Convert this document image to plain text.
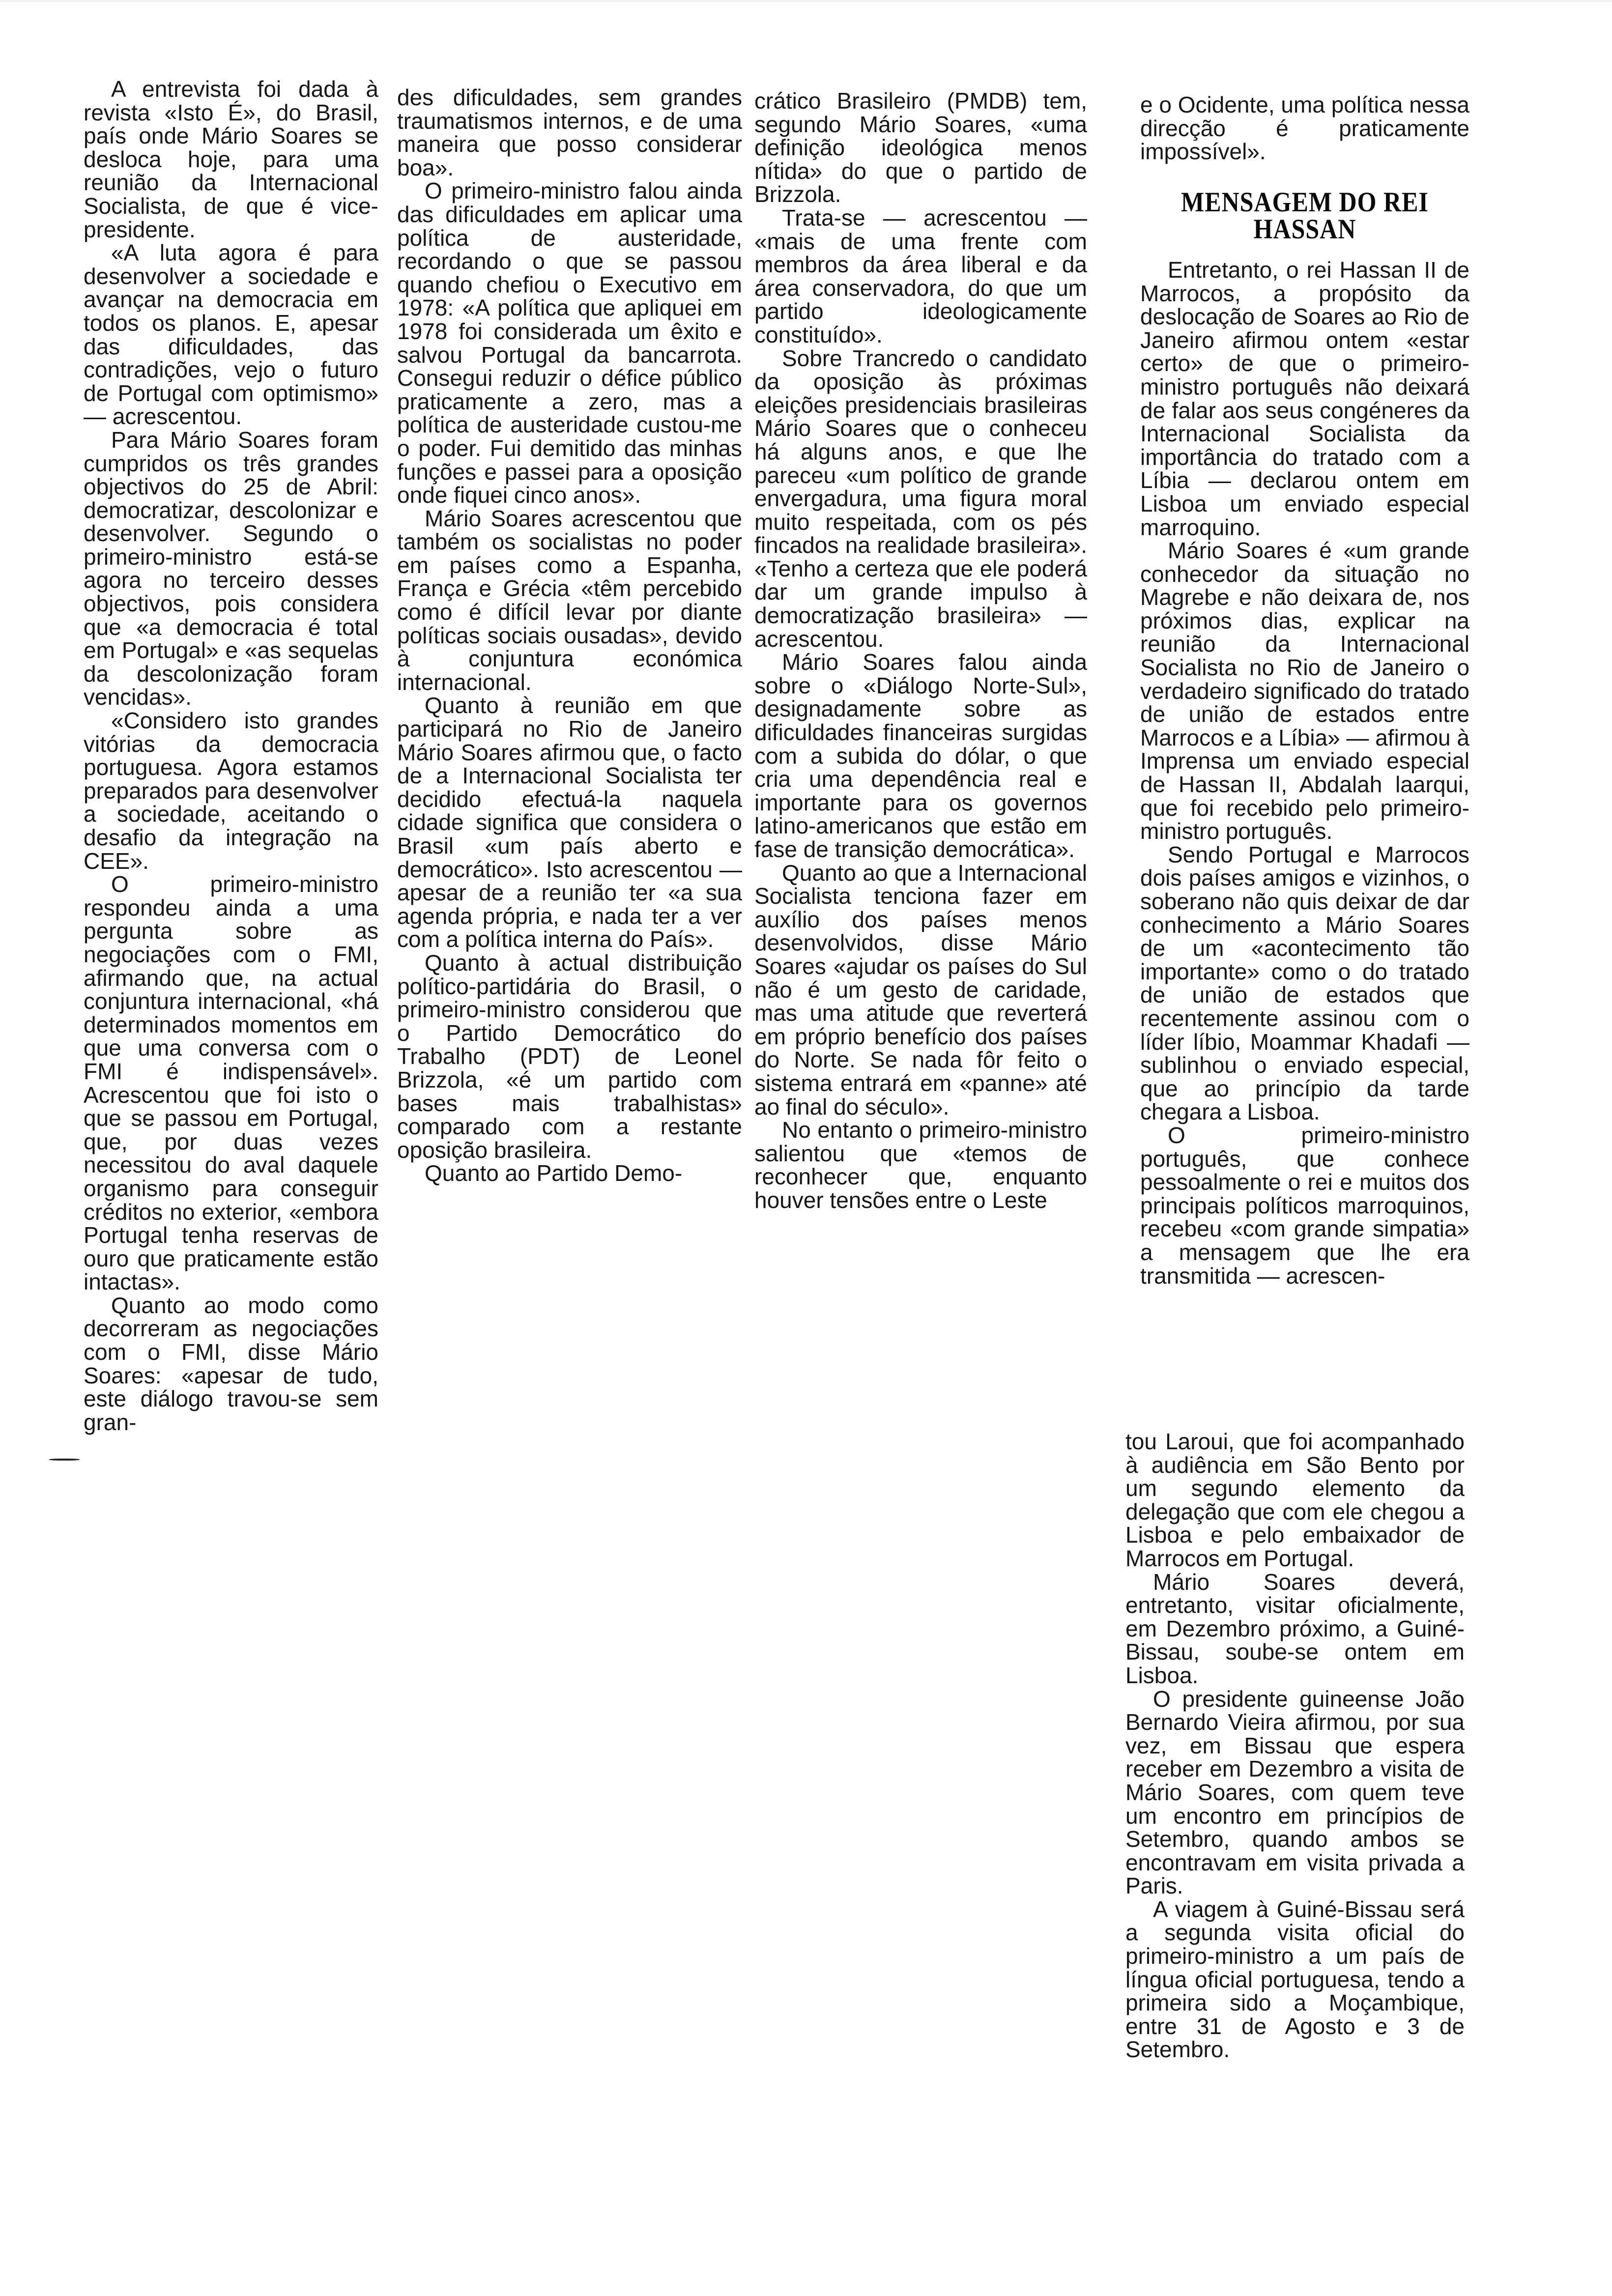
A entrevista foi dada à revista «Isto É», do Brasil, país onde Mário Soares se desloca hoje, para uma reunião da Internacional Socialista, de que é vice-presidente.

«A luta agora é para desenvolver a sociedade e avançar na democracia em todos os planos. E, apesar das dificuldades, das contradições, vejo o futuro de Portugal com optimismo» — acrescentou.

Para Mário Soares foram cumpridos os três grandes objectivos do 25 de Abril: democratizar, descolonizar e desenvolver. Segundo o primeiro-ministro está-se agora no terceiro desses objectivos, pois considera que «a democracia é total em Portugal» e «as sequelas da descolonização foram vencidas».

«Considero isto grandes vitórias da democracia portuguesa. Agora estamos preparados para desenvolver a sociedade, aceitando o desafio da integração na CEE».

O primeiro-ministro respondeu ainda a uma pergunta sobre as negociações com o FMI, afirmando que, na actual conjuntura internacional, «há determinados momentos em que uma conversa com o FMI é indispensável». Acrescentou que foi isto o que se passou em Portugal, que, por duas vezes necessitou do aval daquele organismo para conseguir créditos no exterior, «embora Portugal tenha reservas de ouro que praticamente estão intactas».

Quanto ao modo como decorreram as negociações com o FMI, disse Mário Soares: «apesar de tudo, este diálogo travou-se sem gran-

des dificuldades, sem grandes traumatismos internos, e de uma maneira que posso considerar boa».

O primeiro-ministro falou ainda das dificuldades em aplicar uma política de austeridade, recordando o que se passou quando chefiou o Executivo em 1978: «A política que apliquei em 1978 foi considerada um êxito e salvou Portugal da bancarrota. Consegui reduzir o défice público praticamente a zero, mas a política de austeridade custou-me o poder. Fui demitido das minhas funções e passei para a oposição onde fiquei cinco anos».

Mário Soares acrescentou que também os socialistas no poder em países como a Espanha, França e Grécia «têm percebido como é difícil levar por diante políticas sociais ousadas», devido à conjuntura económica internacional.

Quanto à reunião em que participará no Rio de Janeiro Mário Soares afirmou que, o facto de a Internacional Socialista ter decidido efectuá-la naquela cidade significa que considera o Brasil «um país aberto e democrático». Isto acrescentou — apesar de a reunião ter «a sua agenda própria, e nada ter a ver com a política interna do País».

Quanto à actual distribuição político-partidária do Brasil, o primeiro-ministro considerou que o Partido Democrático do Trabalho (PDT) de Leonel Brizzola, «é um partido com bases mais trabalhistas» comparado com a restante oposição brasileira.

Quanto ao Partido Demo-

crático Brasileiro (PMDB) tem, segundo Mário Soares, «uma definição ideológica menos nítida» do que o partido de Brizzola.

Trata-se — acrescentou — «mais de uma frente com membros da área liberal e da área conservadora, do que um partido ideologicamente constituído».

Sobre Trancredo o candidato da oposição às próximas eleições presidenciais brasileiras Mário Soares que o conheceu há alguns anos, e que lhe pareceu «um político de grande envergadura, uma figura moral muito respeitada, com os pés fincados na realidade brasileira». «Tenho a certeza que ele poderá dar um grande impulso à democratização brasileira» — acrescentou.

Mário Soares falou ainda sobre o «Diálogo Norte-Sul», designadamente sobre as dificuldades financeiras surgidas com a subida do dólar, o que cria uma dependência real e importante para os governos latino-americanos que estão em fase de transição democrática».

Quanto ao que a Internacional Socialista tenciona fazer em auxílio dos países menos desenvolvidos, disse Mário Soares «ajudar os países do Sul não é um gesto de caridade, mas uma atitude que reverterá em próprio benefício dos países do Norte. Se nada fôr feito o sistema entrará em «panne» até ao final do século».

No entanto o primeiro-ministro salientou que «temos de reconhecer que, enquanto houver tensões entre o Leste

e o Ocidente, uma política nessa direcção é praticamente impossível».

MENSAGEM DO REI HASSAN

Entretanto, o rei Hassan II de Marrocos, a propósito da deslocação de Soares ao Rio de Janeiro afirmou ontem «estar certo» de que o primeiro-ministro português não deixará de falar aos seus congéneres da Internacional Socialista da importância do tratado com a Líbia — declarou ontem em Lisboa um enviado especial marroquino.

Mário Soares é «um grande conhecedor da situação no Magrebe e não deixara de, nos próximos dias, explicar na reunião da Internacional Socialista no Rio de Janeiro o verdadeiro significado do tratado de união de estados entre Marrocos e a Líbia» — afirmou à Imprensa um enviado especial de Hassan II, Abdalah laarqui, que foi recebido pelo primeiro-ministro português.

Sendo Portugal e Marrocos dois países amigos e vizinhos, o soberano não quis deixar de dar conhecimento a Mário Soares de um «acontecimento tão importante» como o do tratado de união de estados que recentemente assinou com o líder líbio, Moammar Khadafi — sublinhou o enviado especial, que ao princípio da tarde chegara a Lisboa.

O primeiro-ministro português, que conhece pessoalmente o rei e muitos dos principais políticos marroquinos, recebeu «com grande simpatia» a mensagem que lhe era transmitida — acrescen-

tou Laroui, que foi acompanhado à audiência em São Bento por um segundo elemento da delegação que com ele chegou a Lisboa e pelo embaixador de Marrocos em Portugal.

Mário Soares deverá, entretanto, visitar oficialmente, em Dezembro próximo, a Guiné-Bissau, soube-se ontem em Lisboa.

O presidente guineense João Bernardo Vieira afirmou, por sua vez, em Bissau que espera receber em Dezembro a visita de Mário Soares, com quem teve um encontro em princípios de Setembro, quando ambos se encontravam em visita privada a Paris.

A viagem à Guiné-Bissau será a segunda visita oficial do primeiro-ministro a um país de língua oficial portuguesa, tendo a primeira sido a Moçambique, entre 31 de Agosto e 3 de Setembro.
